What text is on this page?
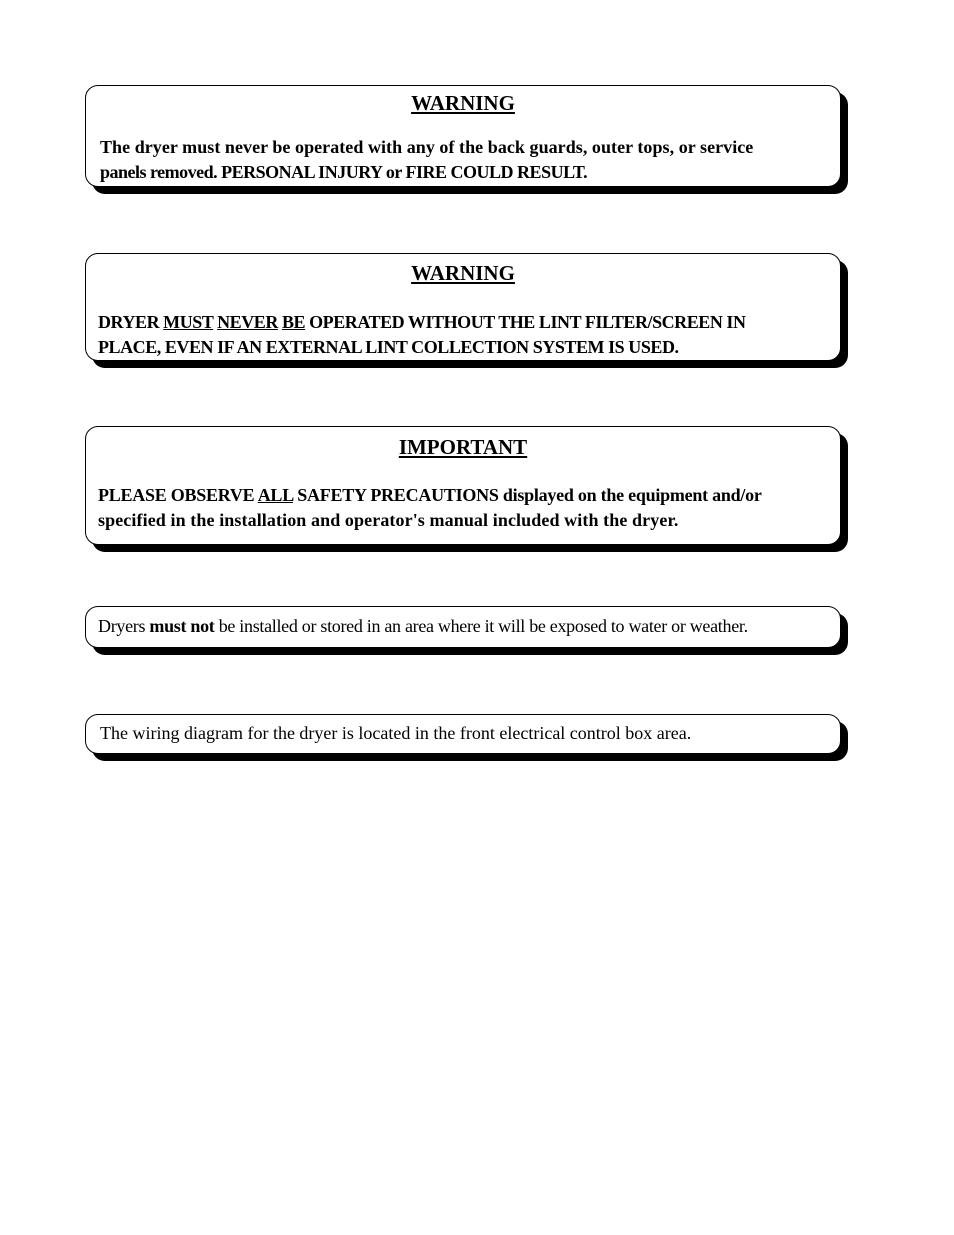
WARNING
The dryer must never be operated with any of the back guards, outer tops, or service
panels removed. PERSONAL INJURY or FIRE COULD RESULT.
WARNING
DRYER MUST NEVER BE OPERATED WITHOUT THE LINT FILTER/SCREEN IN
PLACE, EVEN IF AN EXTERNAL LINT COLLECTION SYSTEM IS USED.
IMPORTANT
PLEASE OBSERVE ALL SAFETY PRECAUTIONS displayed on the equipment and/or
specified in the installation and operator's manual included with the dryer.
Dryers must not be installed or stored in an area where it will be exposed to water or weather.
The wiring diagram for the dryer is located in the front electrical control box area.
